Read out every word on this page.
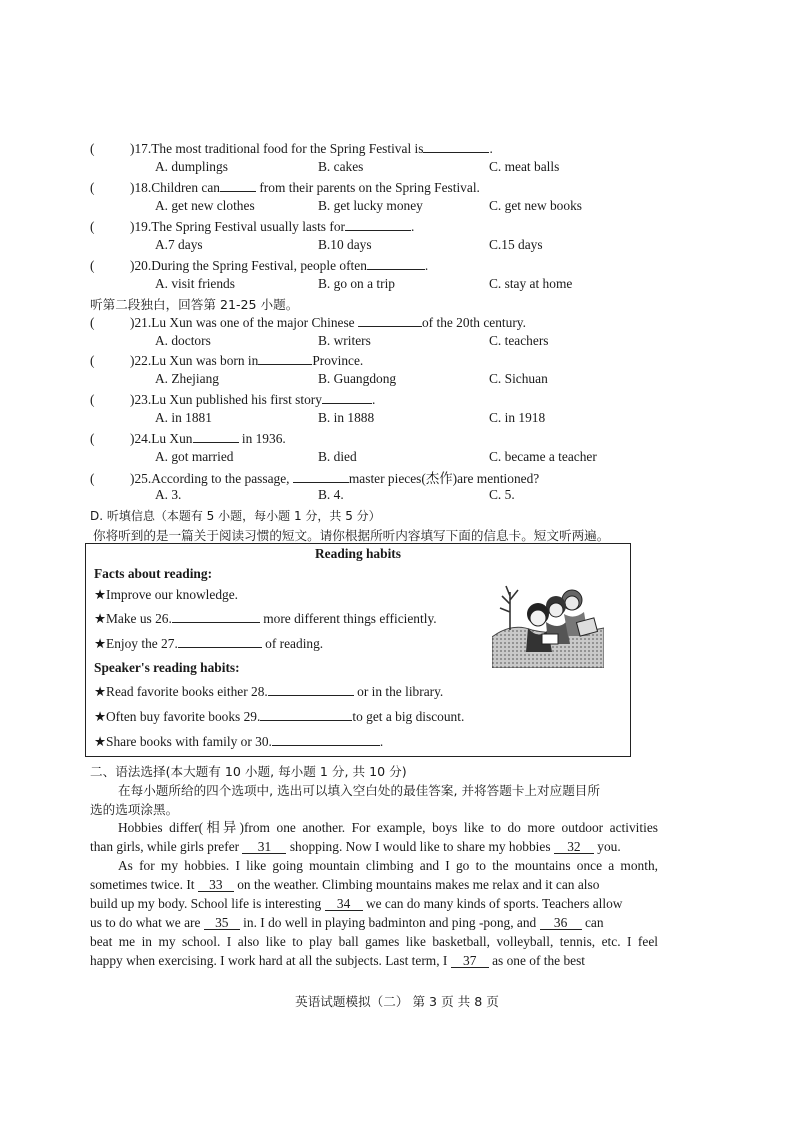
(	)17. The most traditional food for the Spring Festival is	.
A. dumplings	B. cakes	C. meat balls
(	)18. Children can	from their parents on the Spring Festival.
A. get new clothes	B. get lucky money	C. get new books
(	)19. The Spring Festival usually lasts for	.
A.7 days	B.10 days	C.15 days
(	)20. During the Spring Festival, people often	.
A. visit friends	B. go on a trip	C. stay at home
(	)21. Lu Xun was one of the major Chinese	of the 20th century.
A. doctors	B. writers	C. teachers
(	)22. Lu Xun was born in	Province.
A. Zhejiang	B. Guangdong	C. Sichuan
(	)23. Lu Xun published his first story	.
A. in 1881	B. in 1888	C. in 1918
(	)24. Lu Xun	in 1936.
A. got married	B. died	C. became a teacher
(	)25. According to the passage,	master pieces(杰作)are mentioned?
A. 3.	B. 4.	C. 5.
听第二段独白，回答第 21-25 小题。
D. 听填信息（本题有 5 小题，每小题 1 分，共 5 分）
你将听到的是一篇关于阅读习惯的短文。请你根据所听内容填写下面的信息卡。短文听两遍。
Reading habits
Facts about reading:
★Improve our knowledge.
★Make us 26.	more different things efficiently.
★Enjoy the 27.	of reading.
Speaker's reading habits:
★Read favorite books either 28.	or in the library.
★Often buy favorite books 29.	to get a big discount.
★Share books with family or 30.	.
二、语法选择(本大题有 10 小题, 每小题 1 分, 共 10 分)
在每小题所给的四个选项中, 选出可以填入空白处的最佳答案, 并将答题卡上对应题目所
选的选项涂黑。
Hobbies differ(相异)from one another. For example, boys like to do more outdoor activities
than girls, while girls prefer 31 shopping. Now I would like to share my hobbies 32 you.
As for my hobbies. I like going mountain climbing and I go to the mountains once a month,
sometimes twice. It 33 on the weather. Climbing mountains makes me relax and it can also
build up my body. School life is interesting 34 we can do many kinds of sports. Teachers allow
us to do what we are 35 in. I do well in playing badminton and ping -pong, and 36 can
beat me in my school. I also like to play ball games like basketball, volleyball, tennis, etc. I feel
happy when exercising. I work hard at all the subjects. Last term, I 37 as one of the best
英语试题模拟（二） 第 3 页 共 8 页
